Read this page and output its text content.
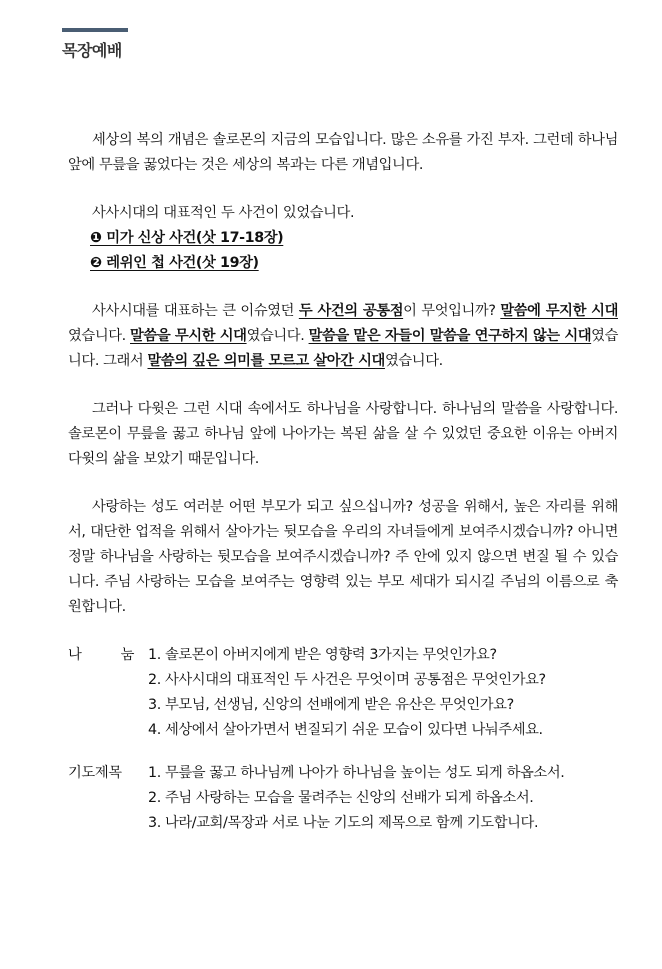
목장예배

세상의 복의 개념은 솔로몬의 지금의 모습입니다. 많은 소유를 가진 부자. 그런데 하나님 앞에 무릎을 꿇었다는 것은 세상의 복과는 다른 개념입니다.

사사시대의 대표적인 두 사건이 있었습니다.

❶ 미가 신상 사건(삿 17-18장)

❷ 레위인 첩 사건(삿 19장)

사사시대를 대표하는 큰 이슈였던 두 사건의 공통점이 무엇입니까? 말씀에 무지한 시대였습니다. 말씀을 무시한 시대였습니다. 말씀을 맡은 자들이 말씀을 연구하지 않는 시대였습니다. 그래서 말씀의 깊은 의미를 모르고 살아간 시대였습니다.

그러나 다윗은 그런 시대 속에서도 하나님을 사랑합니다. 하나님의 말씀을 사랑합니다. 솔로몬이 무릎을 꿇고 하나님 앞에 나아가는 복된 삶을 살 수 있었던 중요한 이유는 아버지 다윗의 삶을 보았기 때문입니다.

사랑하는 성도 여러분 어떤 부모가 되고 싶으십니까? 성공을 위해서, 높은 자리를 위해서, 대단한 업적을 위해서 살아가는 뒷모습을 우리의 자녀들에게 보여주시겠습니까? 아니면 정말 하나님을 사랑하는 뒷모습을 보여주시겠습니까? 주 안에 있지 않으면 변질 될 수 있습니다. 주님 사랑하는 모습을 보여주는 영향력 있는 부모 세대가 되시길 주님의 이름으로 축원합니다.

나	눔 1. 솔로몬이 아버지에게 받은 영향력 3가지는 무엇인가요?
2. 사사시대의 대표적인 두 사건은 무엇이며 공통점은 무엇인가요?
3. 부모님, 선생님, 신앙의 선배에게 받은 유산은 무엇인가요?
4. 세상에서 살아가면서 변질되기 쉬운 모습이 있다면 나눠주세요.
기도제목	1. 무릎을 꿇고 하나님께 나아가 하나님을 높이는 성도 되게 하옵소서.
2. 주님 사랑하는 모습을 물려주는 신앙의 선배가 되게 하옵소서.
3. 나라/교회/목장과 서로 나눈 기도의 제목으로 함께 기도합니다.
